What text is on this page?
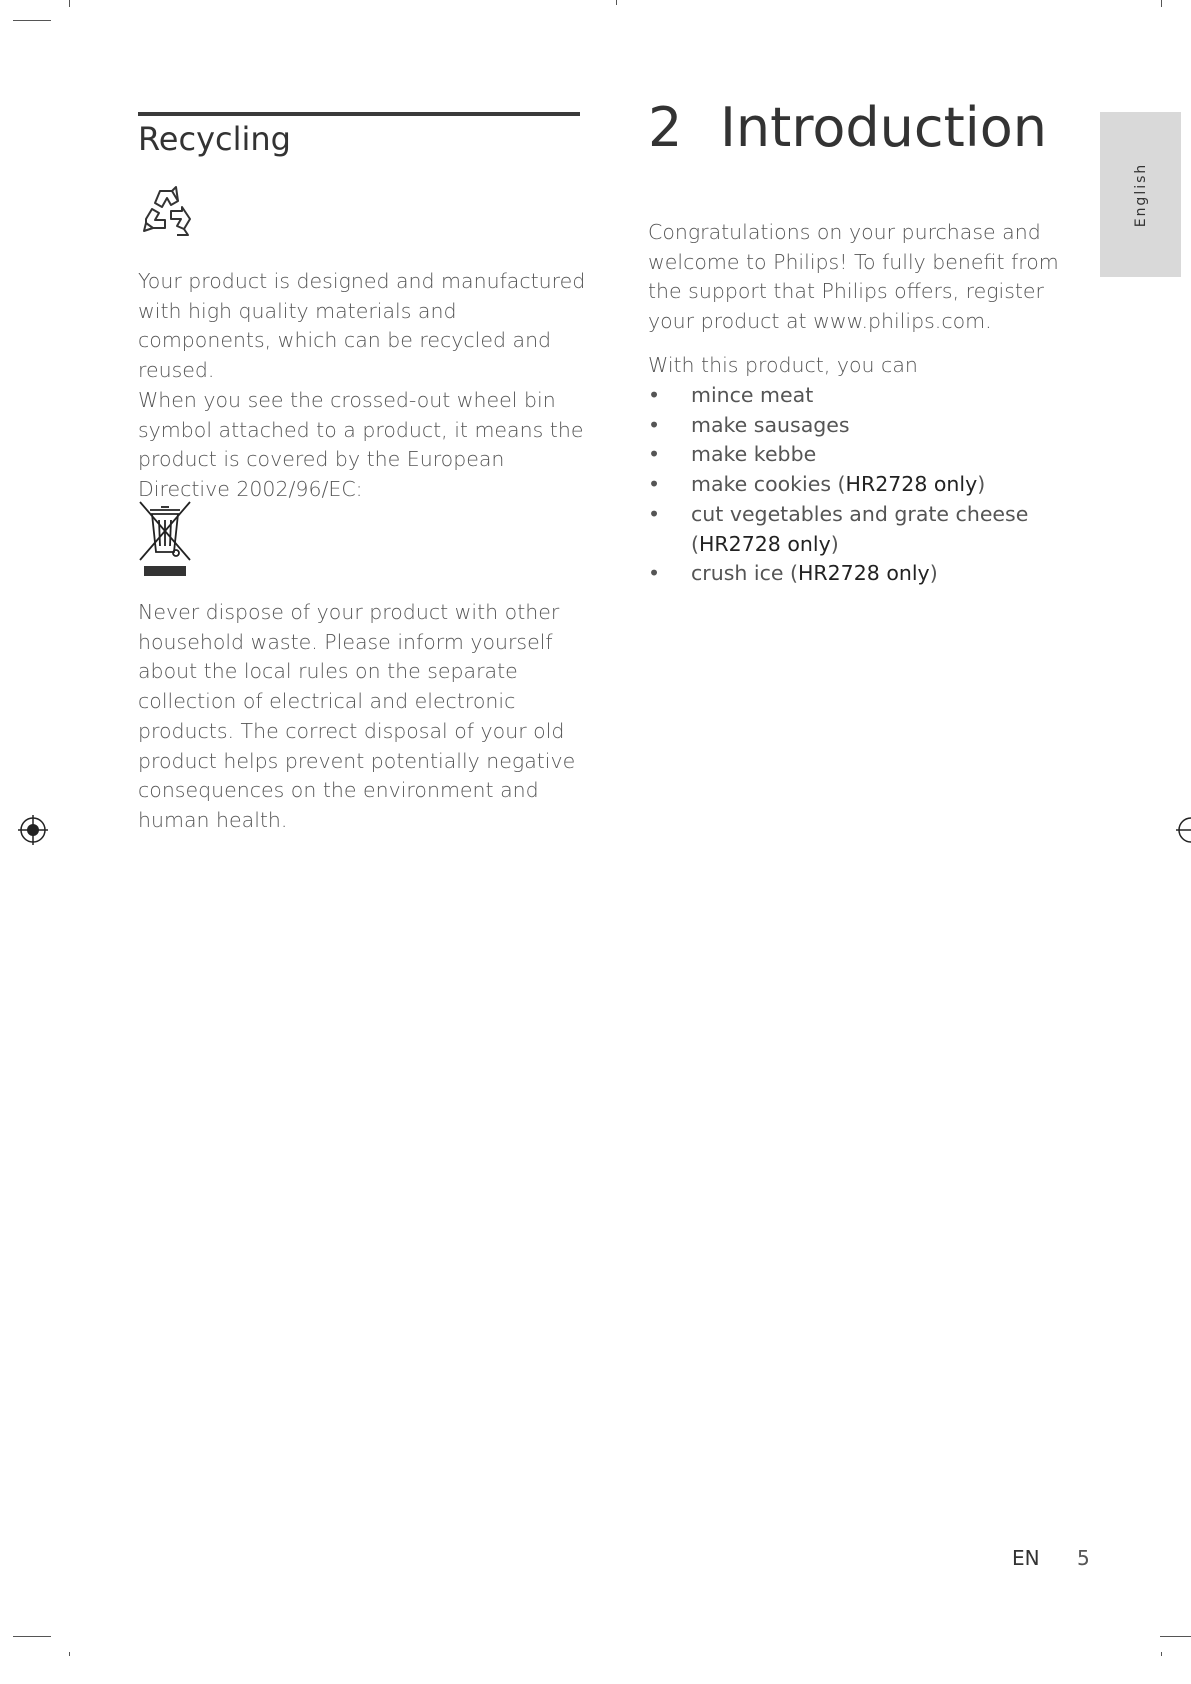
Recycling

Your product is designed and manufactured with high quality materials and components, which can be recycled and reused.
When you see the crossed-out wheel bin symbol attached to a product, it means the product is covered by the European Directive 2002/96/EC:

Never dispose of your product with other household waste. Please inform yourself about the local rules on the separate collection of electrical and electronic products. The correct disposal of your old product helps prevent potentially negative consequences on the environment and human health.

2 Introduction

Congratulations on your purchase and welcome to Philips! To fully benefit from the support that Philips offers, register your product at www.philips.com.

With this product, you can

• mince meat
• make sausages
• make kebbe
• make cookies (HR2728 only)
• cut vegetables and grate cheese (HR2728 only)
• crush ice (HR2728 only)
English
EN 5
